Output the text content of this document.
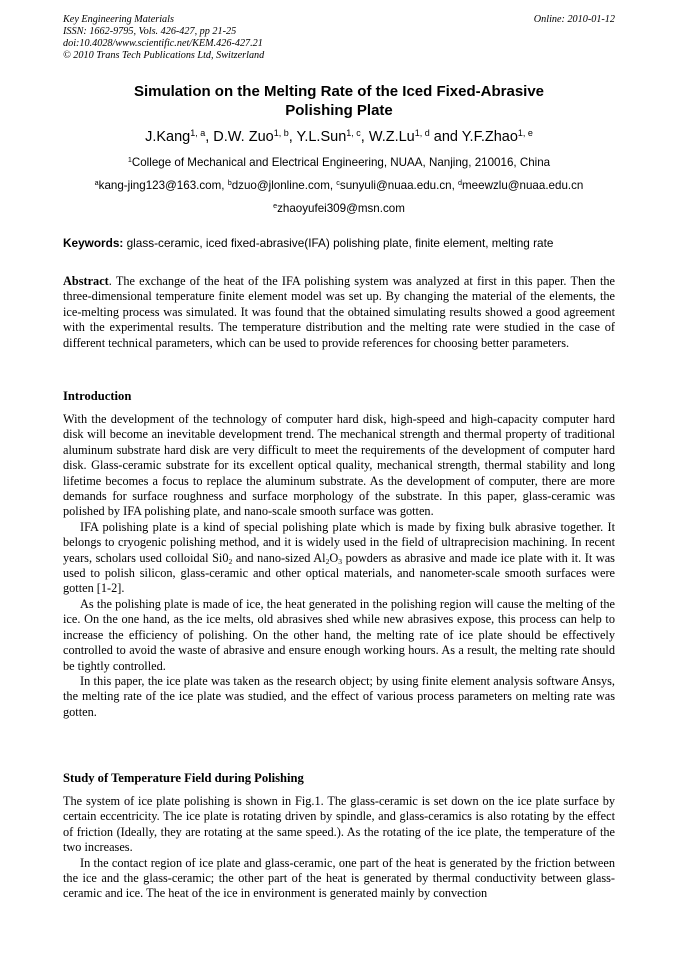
Key Engineering Materials
ISSN: 1662-9795, Vols. 426-427, pp 21-25
doi:10.4028/www.scientific.net/KEM.426-427.21
© 2010 Trans Tech Publications Ltd, Switzerland
Online: 2010-01-12
Simulation on the Melting Rate of the Iced Fixed-Abrasive
Polishing Plate
J.Kang$^{1, a}$, D.W. Zuo$^{1, b}$, Y.L.Sun$^{1, c}$, W.Z.Lu$^{1, d}$ and Y.F.Zhao$^{1, e}$
$^1$College of Mechanical and Electrical Engineering, NUAA, Nanjing, 210016, China
$^a$kang-jing123@163.com, $^b$dzuo@jlonline.com, $^c$sunyuli@nuaa.edu.cn, $^d$meewzlu@nuaa.edu.cn
$^e$zhaoyufei309@msn.com
Keywords: glass-ceramic, iced fixed-abrasive(IFA) polishing plate, finite element, melting rate

Abstract. The exchange of the heat of the IFA polishing system was analyzed at first in this paper. Then the three-dimensional temperature finite element model was set up. By changing the material of the elements, the ice-melting process was simulated. It was found that the obtained simulating results showed a good agreement with the experimental results. The temperature distribution and the melting rate were studied in the case of different technical parameters, which can be used to provide references for choosing better parameters.

Introduction

With the development of the technology of computer hard disk, high-speed and high-capacity computer hard disk will become an inevitable development trend. The mechanical strength and thermal property of traditional aluminum substrate hard disk are very difficult to meet the requirements of the development of computer hard disk. Glass-ceramic substrate for its excellent optical quality, mechanical strength, thermal stability and long lifetime becomes a focus to replace the aluminum substrate. As the development of computer, there are more demands for surface roughness and surface morphology of the substrate. In this paper, glass-ceramic was polished by IFA polishing plate, and nano-scale smooth surface was gotten.

IFA polishing plate is a kind of special polishing plate which is made by fixing bulk abrasive together. It belongs to cryogenic polishing method, and it is widely used in the field of ultraprecision machining. In recent years, scholars used colloidal $Si0_2$ and nano-sized $Al_2O_3$ powders as abrasive and made ice plate with it. It was used to polish silicon, glass-ceramic and other optical materials, and nanometer-scale smooth surfaces were gotten [1-2].

As the polishing plate is made of ice, the heat generated in the polishing region will cause the melting of the ice. On the one hand, as the ice melts, old abrasives shed while new abrasives expose, this process can help to increase the efficiency of polishing. On the other hand, the melting rate of ice plate should be effectively controlled to avoid the waste of abrasive and ensure enough working hours. As a result, the melting rate should be tightly controlled.

In this paper, the ice plate was taken as the research object; by using finite element analysis software Ansys, the melting rate of the ice plate was studied, and the effect of various process parameters on melting rate was gotten.

Study of Temperature Field during Polishing

The system of ice plate polishing is shown in Fig.1. The glass-ceramic is set down on the ice plate surface by certain eccentricity. The ice plate is rotating driven by spindle, and glass-ceramics is also rotating by the effect of friction (Ideally, they are rotating at the same speed.). As the rotating of the ice plate, the temperature of the two increases.

In the contact region of ice plate and glass-ceramic, one part of the heat is generated by the friction between the ice and the glass-ceramic; the other part of the heat is generated by thermal conductivity between glass-ceramic and ice. The heat of the ice in environment is generated mainly by convection
